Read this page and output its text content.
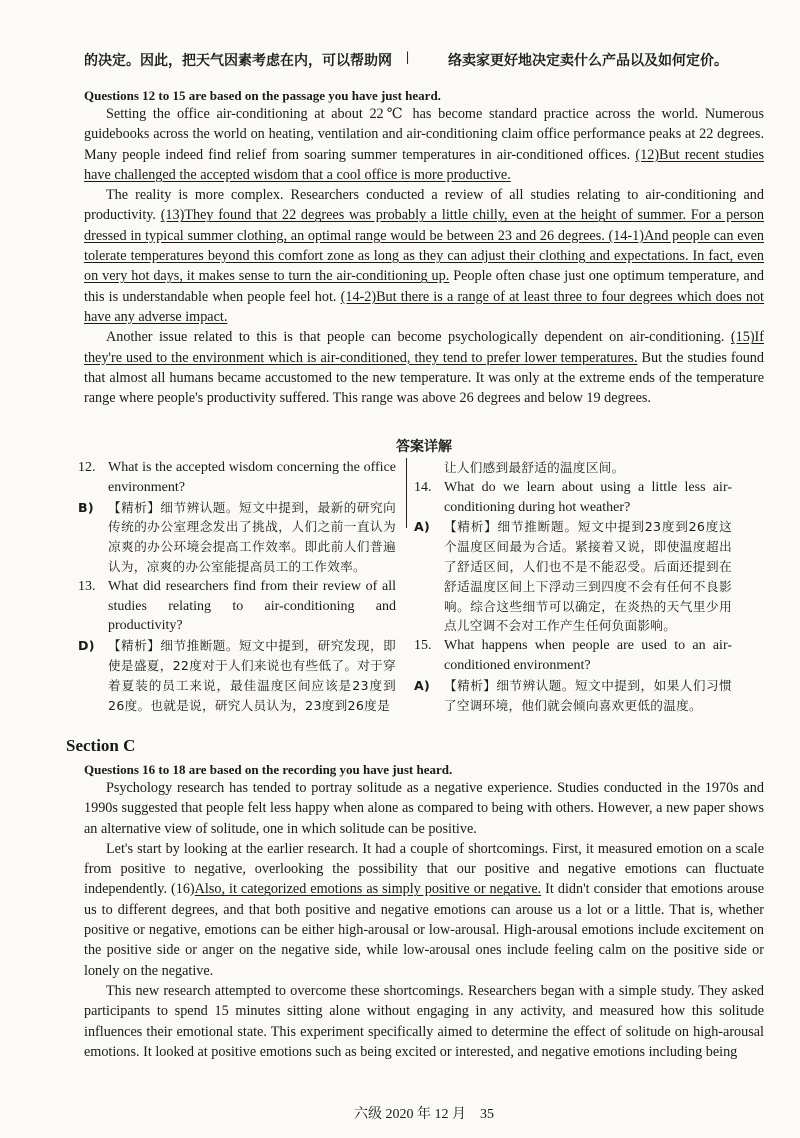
的决定。因此，把天气因素考虑在内，可以帮助网 |	络卖家更好地决定卖什么产品以及如何定价。

Questions 12 to 15 are based on the passage you have just heard.

Setting the office air-conditioning at about 22℃ has become standard practice across the world. Numerous guidebooks across the world on heating, ventilation and air-conditioning claim office performance peaks at 22 degrees. Many people indeed find relief from soaring summer temperatures in air-conditioned offices. (12)But recent studies have challenged the accepted wisdom that a cool office is more productive.

The reality is more complex. Researchers conducted a review of all studies relating to air-conditioning and productivity. (13)They found that 22 degrees was probably a little chilly, even at the height of summer. For a person dressed in typical summer clothing, an optimal range would be between 23 and 26 degrees. (14-1)And people can even tolerate temperatures beyond this comfort zone as long as they can adjust their clothing and expectations. In fact, even on very hot days, it makes sense to turn the air-conditioning up. People often chase just one optimum temperature, and this is understandable when people feel hot. (14-2)But there is a range of at least three to four degrees which does not have any adverse impact.

Another issue related to this is that people can become psychologically dependent on air-conditioning. (15)If they're used to the environment which is air-conditioned, they tend to prefer lower temperatures. But the studies found that almost all humans became accustomed to the new temperature. It was only at the extreme ends of the temperature range where people's productivity suffered. This range was above 26 degrees and below 19 degrees.

答案详解
12. What is the accepted wisdom concerning the office environment?
B) 【精析】细节辨认题。短文中提到，最新的研究向传统的办公室理念发出了挑战，人们之前一直认为凉爽的办公环境会提高工作效率。即此前人们普遍认为，凉爽的办公室能提高员工的工作效率。
13. What did researchers find from their review of all studies relating to air-conditioning and productivity?
D) 【精析】细节推断题。短文中提到，研究发现，即使是盛夏，22度对于人们来说也有些低了。对于穿着夏装的员工来说，最佳温度区间应该是23度到26度。也就是说，研究人员认为，23度到26度是
让人们感到最舒适的温度区间。
14. What do we learn about using a little less air-conditioning during hot weather?
A) 【精析】细节推断题。短文中提到23度到26度这个温度区间最为合适。紧接着又说，即使温度超出了舒适区间，人们也不是不能忍受。后面还提到在舒适温度区间上下浮动三到四度不会有任何不良影响。综合这些细节可以确定，在炎热的天气里少用点儿空调不会对工作产生任何负面影响。
15. What happens when people are used to an air-conditioned environment?
A) 【精析】细节辨认题。短文中提到，如果人们习惯了空调环境，他们就会倾向喜欢更低的温度。
Section C

Questions 16 to 18 are based on the recording you have just heard.

Psychology research has tended to portray solitude as a negative experience. Studies conducted in the 1970s and 1990s suggested that people felt less happy when alone as compared to being with others. However, a new paper shows an alternative view of solitude, one in which solitude can be positive.

Let's start by looking at the earlier research. It had a couple of shortcomings. First, it measured emotion on a scale from positive to negative, overlooking the possibility that our positive and negative emotions can fluctuate independently. (16)Also, it categorized emotions as simply positive or negative. It didn't consider that emotions arouse us to different degrees, and that both positive and negative emotions can arouse us a lot or a little. That is, whether positive or negative, emotions can be either high-arousal or low-arousal. High-arousal emotions include excitement on the positive side or anger on the negative side, while low-arousal ones include feeling calm on the positive side or lonely on the negative.

This new research attempted to overcome these shortcomings. Researchers began with a simple study. They asked participants to spend 15 minutes sitting alone without engaging in any activity, and measured how this solitude influences their emotional state. This experiment specifically aimed to determine the effect of solitude on high-arousal emotions. It looked at positive emotions such as being excited or interested, and negative emotions including being

六级 2020 年 12 月　35
